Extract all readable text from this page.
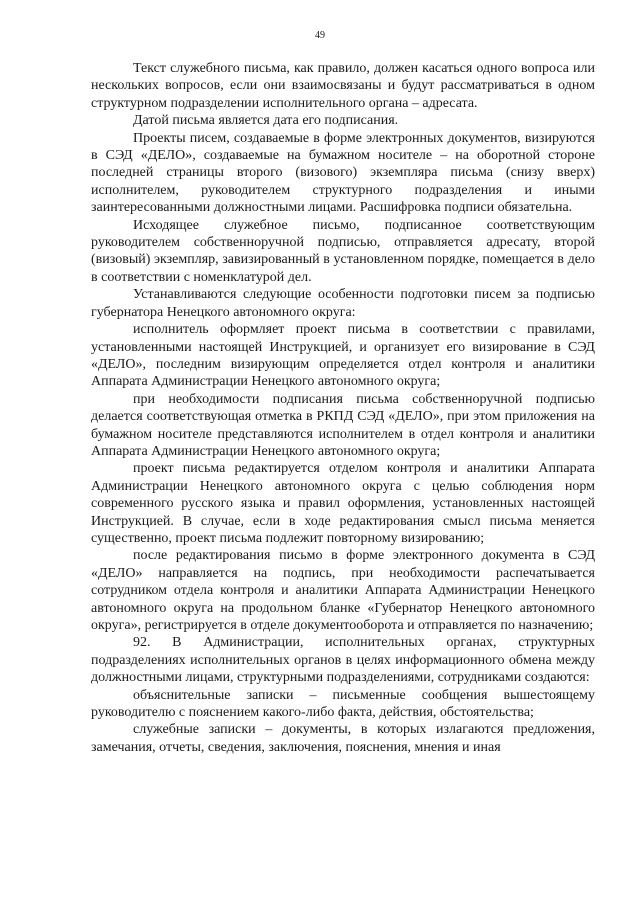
49

Текст служебного письма, как правило, должен касаться одного вопроса или нескольких вопросов, если они взаимосвязаны и будут рассматриваться в одном структурном подразделении исполнительного органа – адресата.

Датой письма является дата его подписания.

Проекты писем, создаваемые в форме электронных документов, визируются в СЭД «ДЕЛО», создаваемые на бумажном носителе – на оборотной стороне последней страницы второго (визового) экземпляра письма (снизу вверх) исполнителем, руководителем структурного подразделения и иными заинтересованными должностными лицами. Расшифровка подписи обязательна.

Исходящее служебное письмо, подписанное соответствующим руководителем собственноручной подписью, отправляется адресату, второй (визовый) экземпляр, завизированный в установленном порядке, помещается в дело в соответствии с номенклатурой дел.

Устанавливаются следующие особенности подготовки писем за подписью губернатора Ненецкого автономного округа:

исполнитель оформляет проект письма в соответствии с правилами, установленными настоящей Инструкцией, и организует его визирование в СЭД «ДЕЛО», последним визирующим определяется отдел контроля и аналитики Аппарата Администрации Ненецкого автономного округа;

при необходимости подписания письма собственноручной подписью делается соответствующая отметка в РКПД СЭД «ДЕЛО», при этом приложения на бумажном носителе представляются исполнителем в отдел контроля и аналитики Аппарата Администрации Ненецкого автономного округа;

проект письма редактируется отделом контроля и аналитики Аппарата Администрации Ненецкого автономного округа с целью соблюдения норм современного русского языка и правил оформления, установленных настоящей Инструкцией. В случае, если в ходе редактирования смысл письма меняется существенно, проект письма подлежит повторному визированию;

после редактирования письмо в форме электронного документа в СЭД «ДЕЛО» направляется на подпись, при необходимости распечатывается сотрудником отдела контроля и аналитики Аппарата Администрации Ненецкого автономного округа на продольном бланке «Губернатор Ненецкого автономного округа», регистрируется в отделе документооборота и отправляется по назначению;

92. В Администрации, исполнительных органах, структурных подразделениях исполнительных органов в целях информационного обмена между должностными лицами, структурными подразделениями, сотрудниками создаются:

объяснительные записки – письменные сообщения вышестоящему руководителю с пояснением какого-либо факта, действия, обстоятельства;

служебные записки – документы, в которых излагаются предложения, замечания, отчеты, сведения, заключения, пояснения, мнения и иная
